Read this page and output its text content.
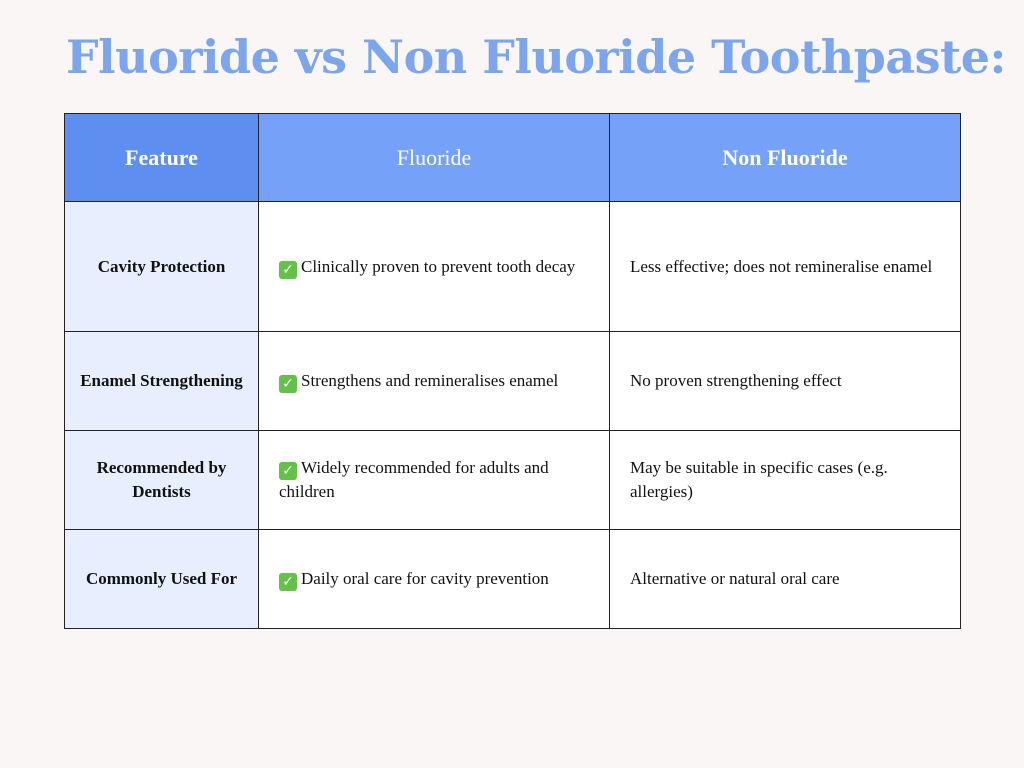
Fluoride vs Non Fluoride Toothpaste:
Feature	Fluoride	Non Fluoride
Cavity Protection	✓ Clinically proven to prevent tooth decay	Less effective; does not remineralise enamel
Enamel Strengthening	✓ Strengthens and remineralises enamel	No proven strengthening effect
Recommended by Dentists	✓ Widely recommended for adults and children	May be suitable in specific cases (e.g. allergies)
Commonly Used For	✓ Daily oral care for cavity prevention	Alternative or natural oral care
